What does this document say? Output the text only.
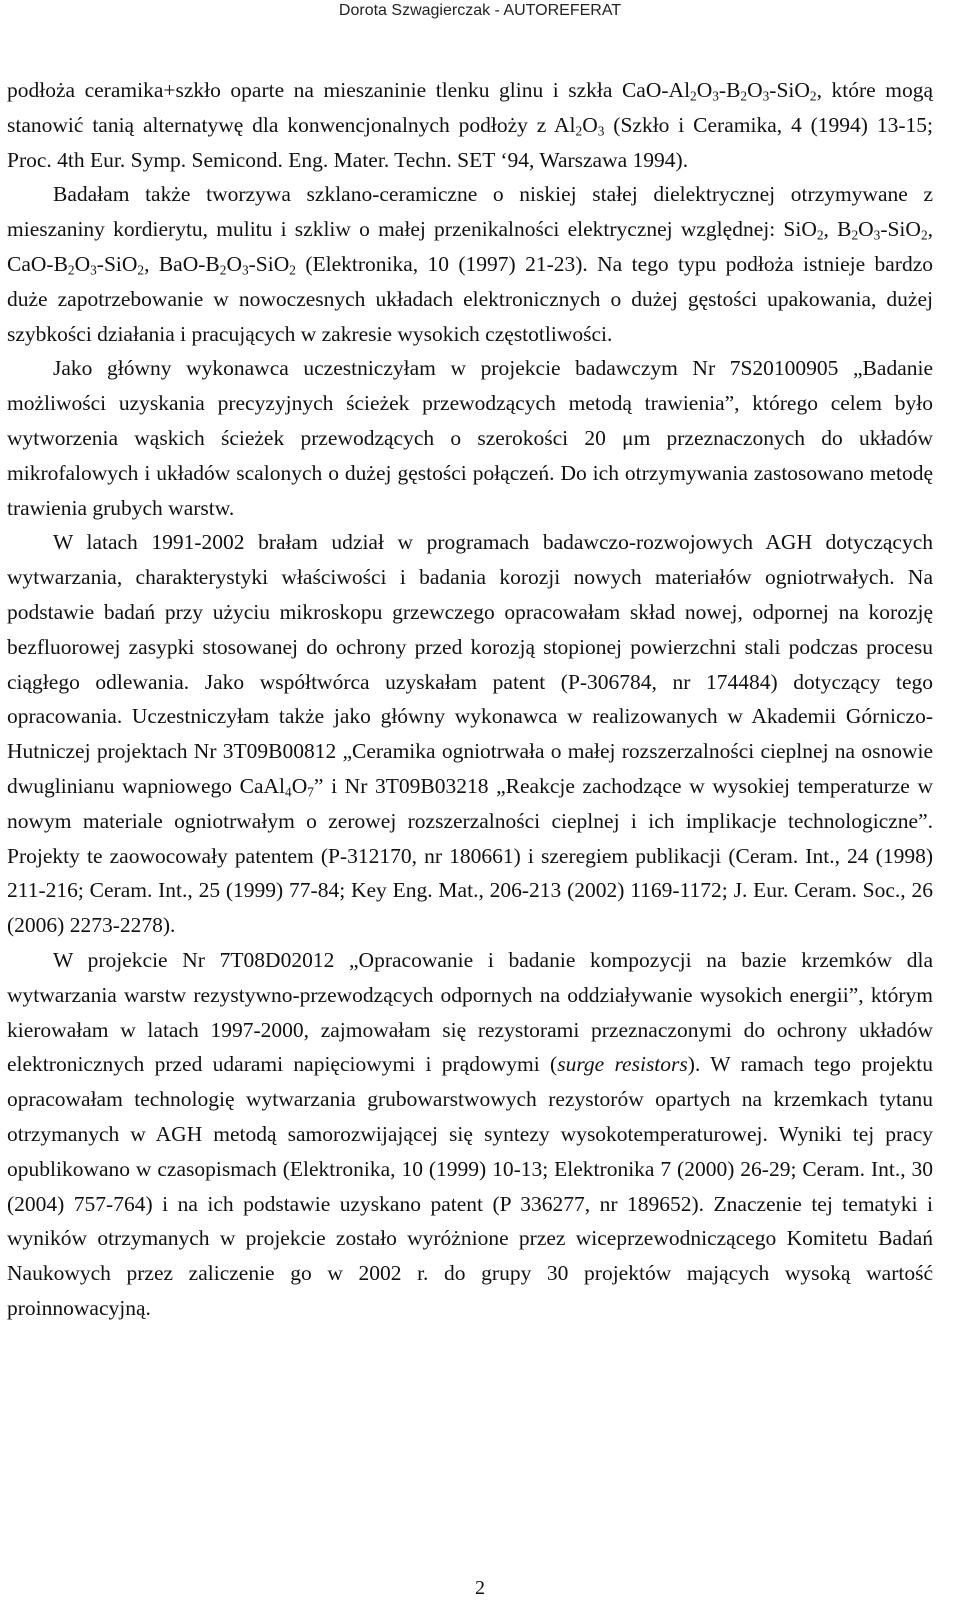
Dorota Szwagierczak - AUTOREFERAT

podłoża ceramika+szkło oparte na mieszaninie tlenku glinu i szkła CaO-$Al_2O_3-B_2O_3-SiO_2$, które mogą stanowić tanią alternatywę dla konwencjonalnych podłoży z $Al_2O_3$ (Szkło i Ceramika, 4 (1994) 13-15; Proc. 4th Eur. Symp. Semicond. Eng. Mater. Techn. SET ‘94, Warszawa 1994).

Badałam także tworzywa szklano-ceramiczne o niskiej stałej dielektrycznej otrzymywane z mieszaniny kordierytu, mulitu i szkliw o małej przenikalności elektrycznej względnej: SiO$_2$, $B_2O_3-SiO_2$, CaO-$B_2O_3-SiO_2$, BaO-$B_2O_3-SiO_2$ (Elektronika, 10 (1997) 21-23). Na tego typu podłoża istnieje bardzo duże zapotrzebowanie w nowoczesnych układach elektronicznych o dużej gęstości upakowania, dużej szybkości działania i pracujących w zakresie wysokich częstotliwości.

Jako główny wykonawca uczestniczyłam w projekcie badawczym Nr 7S20100905 „Badanie możliwości uzyskania precyzyjnych ścieżek przewodzących metodą trawienia”, którego celem było wytworzenia wąskich ścieżek przewodzących o szerokości 20 μm przeznaczonych do układów mikrofalowych i układów scalonych o dużej gęstości połączeń. Do ich otrzymywania zastosowano metodę trawienia grubych warstw.

W latach 1991-2002 brałam udział w programach badawczo-rozwojowych AGH dotyczących wytwarzania, charakterystyki właściwości i badania korozji nowych materiałów ogniotrwałych. Na podstawie badań przy użyciu mikroskopu grzewczego opracowałam skład nowej, odpornej na korozję bezfluorowej zasypki stosowanej do ochrony przed korozją stopionej powierzchni stali podczas procesu ciągłego odlewania. Jako współtwórca uzyskałam patent (P-306784, nr 174484) dotyczący tego opracowania. Uczestniczyłam także jako główny wykonawca w realizowanych w Akademii Górniczo-Hutniczej projektach Nr 3T09B00812 „Ceramika ogniotrwała o małej rozszerzalności cieplnej na osnowie dwuglinianu wapniowego $CaAl_4O_7$” i Nr 3T09B03218 „Reakcje zachodzące w wysokiej temperaturze w nowym materiale ogniotrwałym o zerowej rozszerzalności cieplnej i ich implikacje technologiczne”. Projekty te zaowocowały patentem (P-312170, nr 180661) i szeregiem publikacji (Ceram. Int., 24 (1998) 211-216; Ceram. Int., 25 (1999) 77-84; Key Eng. Mat., 206-213 (2002) 1169-1172; J. Eur. Ceram. Soc., 26 (2006) 2273-2278).

W projekcie Nr 7T08D02012 „Opracowanie i badanie kompozycji na bazie krzemków dla wytwarzania warstw rezystywno-przewodzących odpornych na oddziaływanie wysokich energii”, którym kierowałam w latach 1997-2000, zajmowałam się rezystorami przeznaczonymi do ochrony układów elektronicznych przed udarami napięciowymi i prądowymi (surge resistors). W ramach tego projektu opracowałam technologię wytwarzania grubowarstwowych rezystorów opartych na krzemkach tytanu otrzymanych w AGH metodą samorozwijającej się syntezy wysokotemperaturowej. Wyniki tej pracy opublikowano w czasopismach (Elektronika, 10 (1999) 10-13; Elektronika 7 (2000) 26-29; Ceram. Int., 30 (2004) 757-764) i na ich podstawie uzyskano patent (P 336277, nr 189652). Znaczenie tej tematyki i wyników otrzymanych w projekcie zostało wyróżnione przez wiceprzewodniczącego Komitetu Badań Naukowych przez zaliczenie go w 2002 r. do grupy 30 projektów mających wysoką wartość proinnowacyjną.

2
